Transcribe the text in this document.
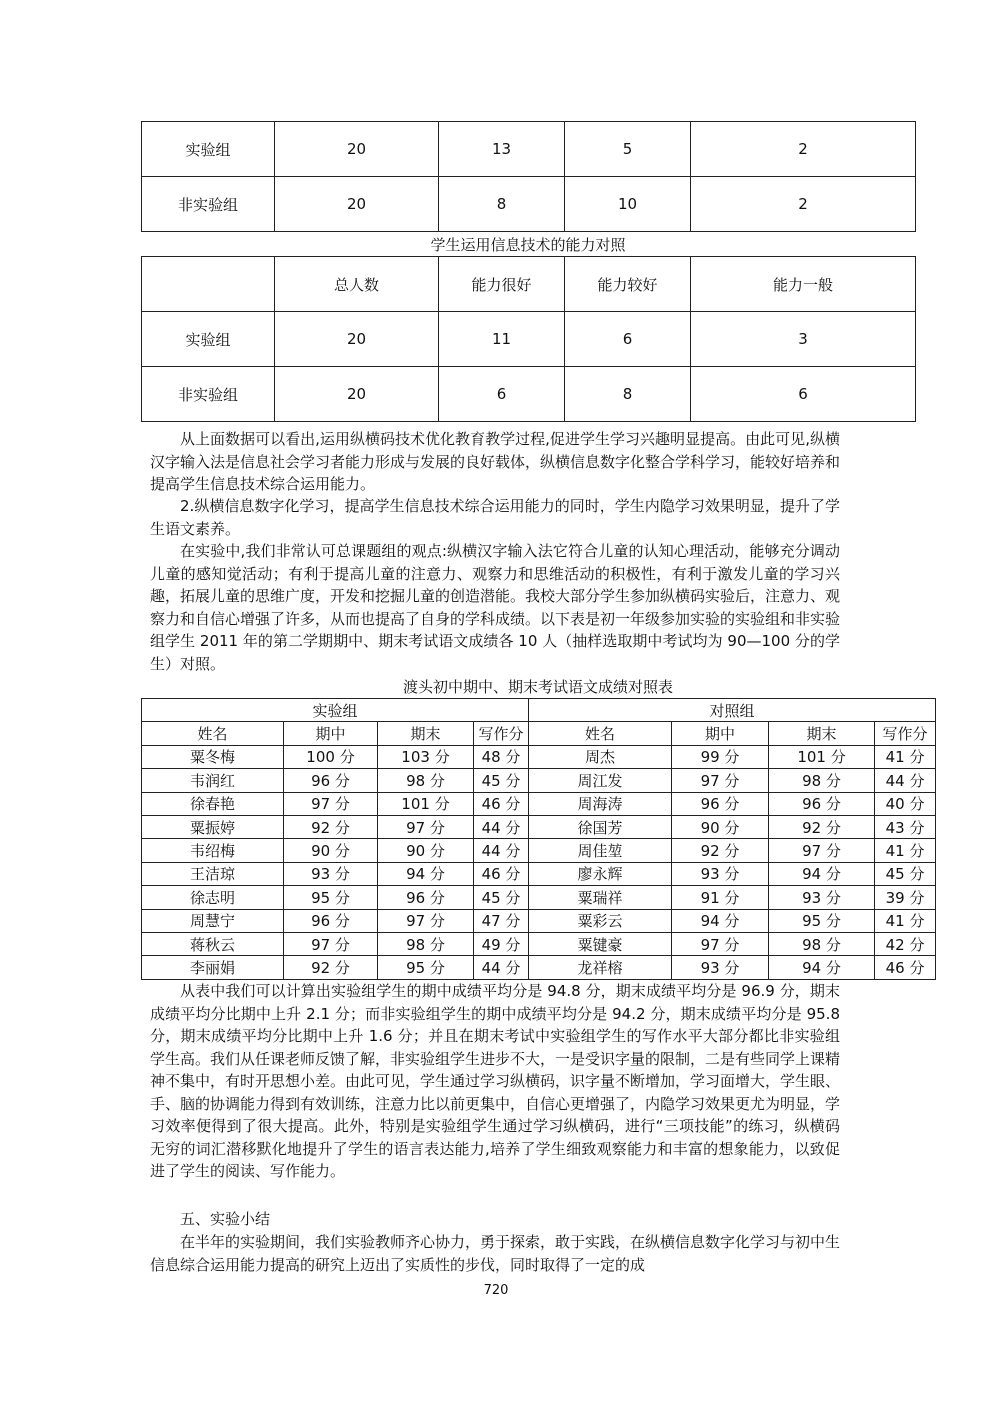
实验组	20	13	5	2
非实验组	20	8	10	2
学生运用信息技术的能力对照
	总人数	能力很好	能力较好	能力一般
实验组	20	11	6	3
非实验组	20	6	8	6

从上面数据可以看出,运用纵横码技术优化教育教学过程,促进学生学习兴趣明显提高。由此可见,纵横汉字输入法是信息社会学习者能力形成与发展的良好载体，纵横信息数字化整合学科学习，能较好培养和提高学生信息技术综合运用能力。

2.纵横信息数字化学习，提高学生信息技术综合运用能力的同时，学生内隐学习效果明显，提升了学生语文素养。

在实验中,我们非常认可总课题组的观点:纵横汉字输入法它符合儿童的认知心理活动，能够充分调动儿童的感知觉活动；有利于提高儿童的注意力、观察力和思维活动的积极性，有利于激发儿童的学习兴趣，拓展儿童的思维广度，开发和挖掘儿童的创造潜能。我校大部分学生参加纵横码实验后，注意力、观察力和自信心增强了许多，从而也提高了自身的学科成绩。以下表是初一年级参加实验的实验组和非实验组学生 2011 年的第二学期期中、期末考试语文成绩各 10 人（抽样选取期中考试均为 90—100 分的学生）对照。

渡头初中期中、期末考试语文成绩对照表
实验组				对照组			
姓名	期中	期末	写作分	姓名	期中	期末	写作分
粟冬梅	100 分	103 分	48 分	周杰	99 分	101 分	41 分
韦润红	96 分	98 分	45 分	周江发	97 分	98 分	44 分
徐春艳	97 分	101 分	46 分	周海涛	96 分	96 分	40 分
粟振婷	92 分	97 分	44 分	徐国芳	90 分	92 分	43 分
韦绍梅	90 分	90 分	44 分	周佳堃	92 分	97 分	41 分
王洁琼	93 分	94 分	46 分	廖永辉	93 分	94 分	45 分
徐志明	95 分	96 分	45 分	粟瑞祥	91 分	93 分	39 分
周慧宁	96 分	97 分	47 分	粟彩云	94 分	95 分	41 分
蒋秋云	97 分	98 分	49 分	粟键豪	97 分	98 分	42 分
李丽娟	92 分	95 分	44 分	龙祥榕	93 分	94 分	46 分

从表中我们可以计算出实验组学生的期中成绩平均分是 94.8 分，期末成绩平均分是 96.9 分，期末成绩平均分比期中上升 2.1 分；而非实验组学生的期中成绩平均分是 94.2 分，期末成绩平均分是 95.8 分，期末成绩平均分比期中上升 1.6 分；并且在期末考试中实验组学生的写作水平大部分都比非实验组学生高。我们从任课老师反馈了解，非实验组学生进步不大，一是受识字量的限制，二是有些同学上课精神不集中，有时开思想小差。由此可见，学生通过学习纵横码，识字量不断增加，学习面增大，学生眼、手、脑的协调能力得到有效训练，注意力比以前更集中，自信心更增强了，内隐学习效果更尤为明显，学习效率便得到了很大提高。此外，特别是实验组学生通过学习纵横码，进行“三项技能”的练习，纵横码无穷的词汇潜移默化地提升了学生的语言表达能力,培养了学生细致观察能力和丰富的想象能力，以致促进了学生的阅读、写作能力。

五、实验小结

在半年的实验期间，我们实验教师齐心协力，勇于探索，敢于实践，在纵横信息数字化学习与初中生信息综合运用能力提高的研究上迈出了实质性的步伐，同时取得了一定的成

720
